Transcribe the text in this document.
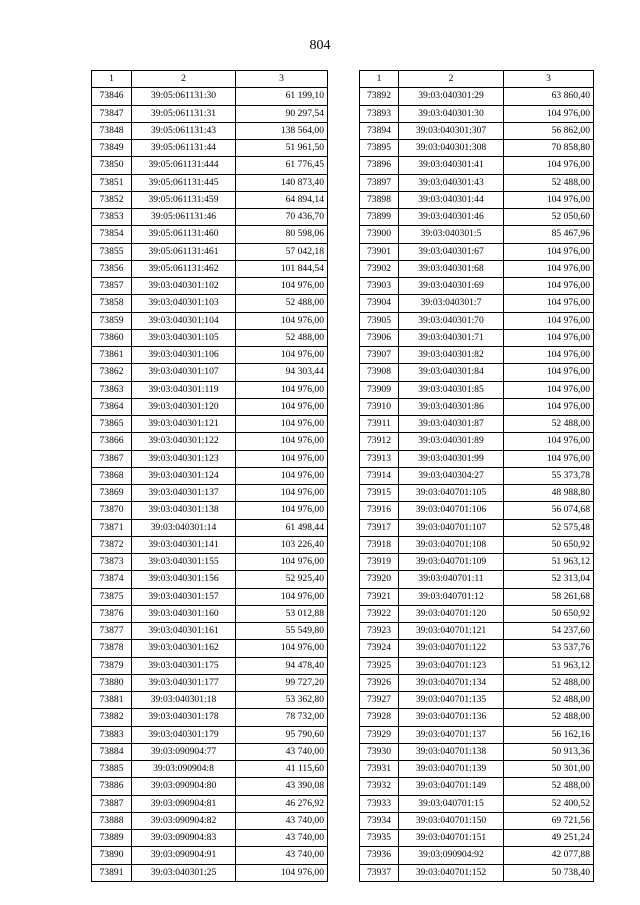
804
1	2	3
73846	39:05:061131:30	61 199,10
73847	39:05:061131:31	90 297,54
73848	39:05:061131:43	138 564,00
73849	39:05:061131:44	51 961,50
73850	39:05:061131:444	61 776,45
73851	39:05:061131:445	140 873,40
73852	39:05:061131:459	64 894,14
73853	39:05:061131:46	70 436,70
73854	39:05:061131:460	80 598,06
73855	39:05:061131:461	57 042,18
73856	39:05:061131:462	101 844,54
73857	39:03:040301:102	104 976,00
73858	39:03:040301:103	52 488,00
73859	39:03:040301:104	104 976,00
73860	39:03:040301:105	52 488,00
73861	39:03:040301:106	104 976,00
73862	39:03:040301:107	94 303,44
73863	39:03:040301:119	104 976,00
73864	39:03:040301:120	104 976,00
73865	39:03:040301:121	104 976,00
73866	39:03:040301:122	104 976,00
73867	39:03:040301:123	104 976,00
73868	39:03:040301:124	104 976,00
73869	39:03:040301:137	104 976,00
73870	39:03:040301:138	104 976,00
73871	39:03:040301:14	61 498,44
73872	39:03:040301:141	103 226,40
73873	39:03:040301:155	104 976,00
73874	39:03:040301:156	52 925,40
73875	39:03:040301:157	104 976,00
73876	39:03:040301:160	53 012,88
73877	39:03:040301:161	55 549,80
73878	39:03:040301:162	104 976,00
73879	39:03:040301:175	94 478,40
73880	39:03:040301:177	99 727,20
73881	39:03:040301:18	53 362,80
73882	39:03:040301:178	78 732,00
73883	39:03:040301:179	95 790,60
73884	39:03:090904:77	43 740,00
73885	39:03:090904:8	41 115,60
73886	39:03:090904:80	43 390,08
73887	39:03:090904:81	46 276,92
73888	39:03:090904:82	43 740,00
73889	39:03:090904:83	43 740,00
73890	39:03:090904:91	43 740,00
73891	39:03:040301:25	104 976,00
1	2	3
73892	39:03:040301:29	63 860,40
73893	39:03:040301:30	104 976,00
73894	39:03:040301:307	56 862,00
73895	39:03:040301:308	70 858,80
73896	39:03:040301:41	104 976,00
73897	39:03:040301:43	52 488,00
73898	39:03:040301:44	104 976,00
73899	39:03:040301:46	52 050,60
73900	39:03:040301:5	85 467,96
73901	39:03:040301:67	104 976,00
73902	39:03:040301:68	104 976,00
73903	39:03:040301:69	104 976,00
73904	39:03:040301:7	104 976,00
73905	39:03:040301:70	104 976,00
73906	39:03:040301:71	104 976,00
73907	39:03:040301:82	104 976,00
73908	39:03:040301:84	104 976,00
73909	39:03:040301:85	104 976,00
73910	39:03:040301:86	104 976,00
73911	39:03:040301:87	52 488,00
73912	39:03:040301:89	104 976,00
73913	39:03:040301:99	104 976,00
73914	39:03:040304:27	55 373,78
73915	39:03:040701:105	48 988,80
73916	39:03:040701:106	56 074,68
73917	39:03:040701:107	52 575,48
73918	39:03:040701:108	50 650,92
73919	39:03:040701:109	51 963,12
73920	39:03:040701:11	52 313,04
73921	39:03:040701:12	58 261,68
73922	39:03:040701:120	50 650,92
73923	39:03:040701:121	54 237,60
73924	39:03:040701:122	53 537,76
73925	39:03:040701:123	51 963,12
73926	39:03:040701:134	52 488,00
73927	39:03:040701:135	52 488,00
73928	39:03:040701:136	52 488,00
73929	39:03:040701:137	56 162,16
73930	39:03:040701:138	50 913,36
73931	39:03:040701:139	50 301,00
73932	39:03:040701:149	52 488,00
73933	39:03:040701:15	52 400,52
73934	39:03:040701:150	69 721,56
73935	39:03:040701:151	49 251,24
73936	39:03:090904:92	42 077,88
73937	39:03:040701:152	50 738,40
